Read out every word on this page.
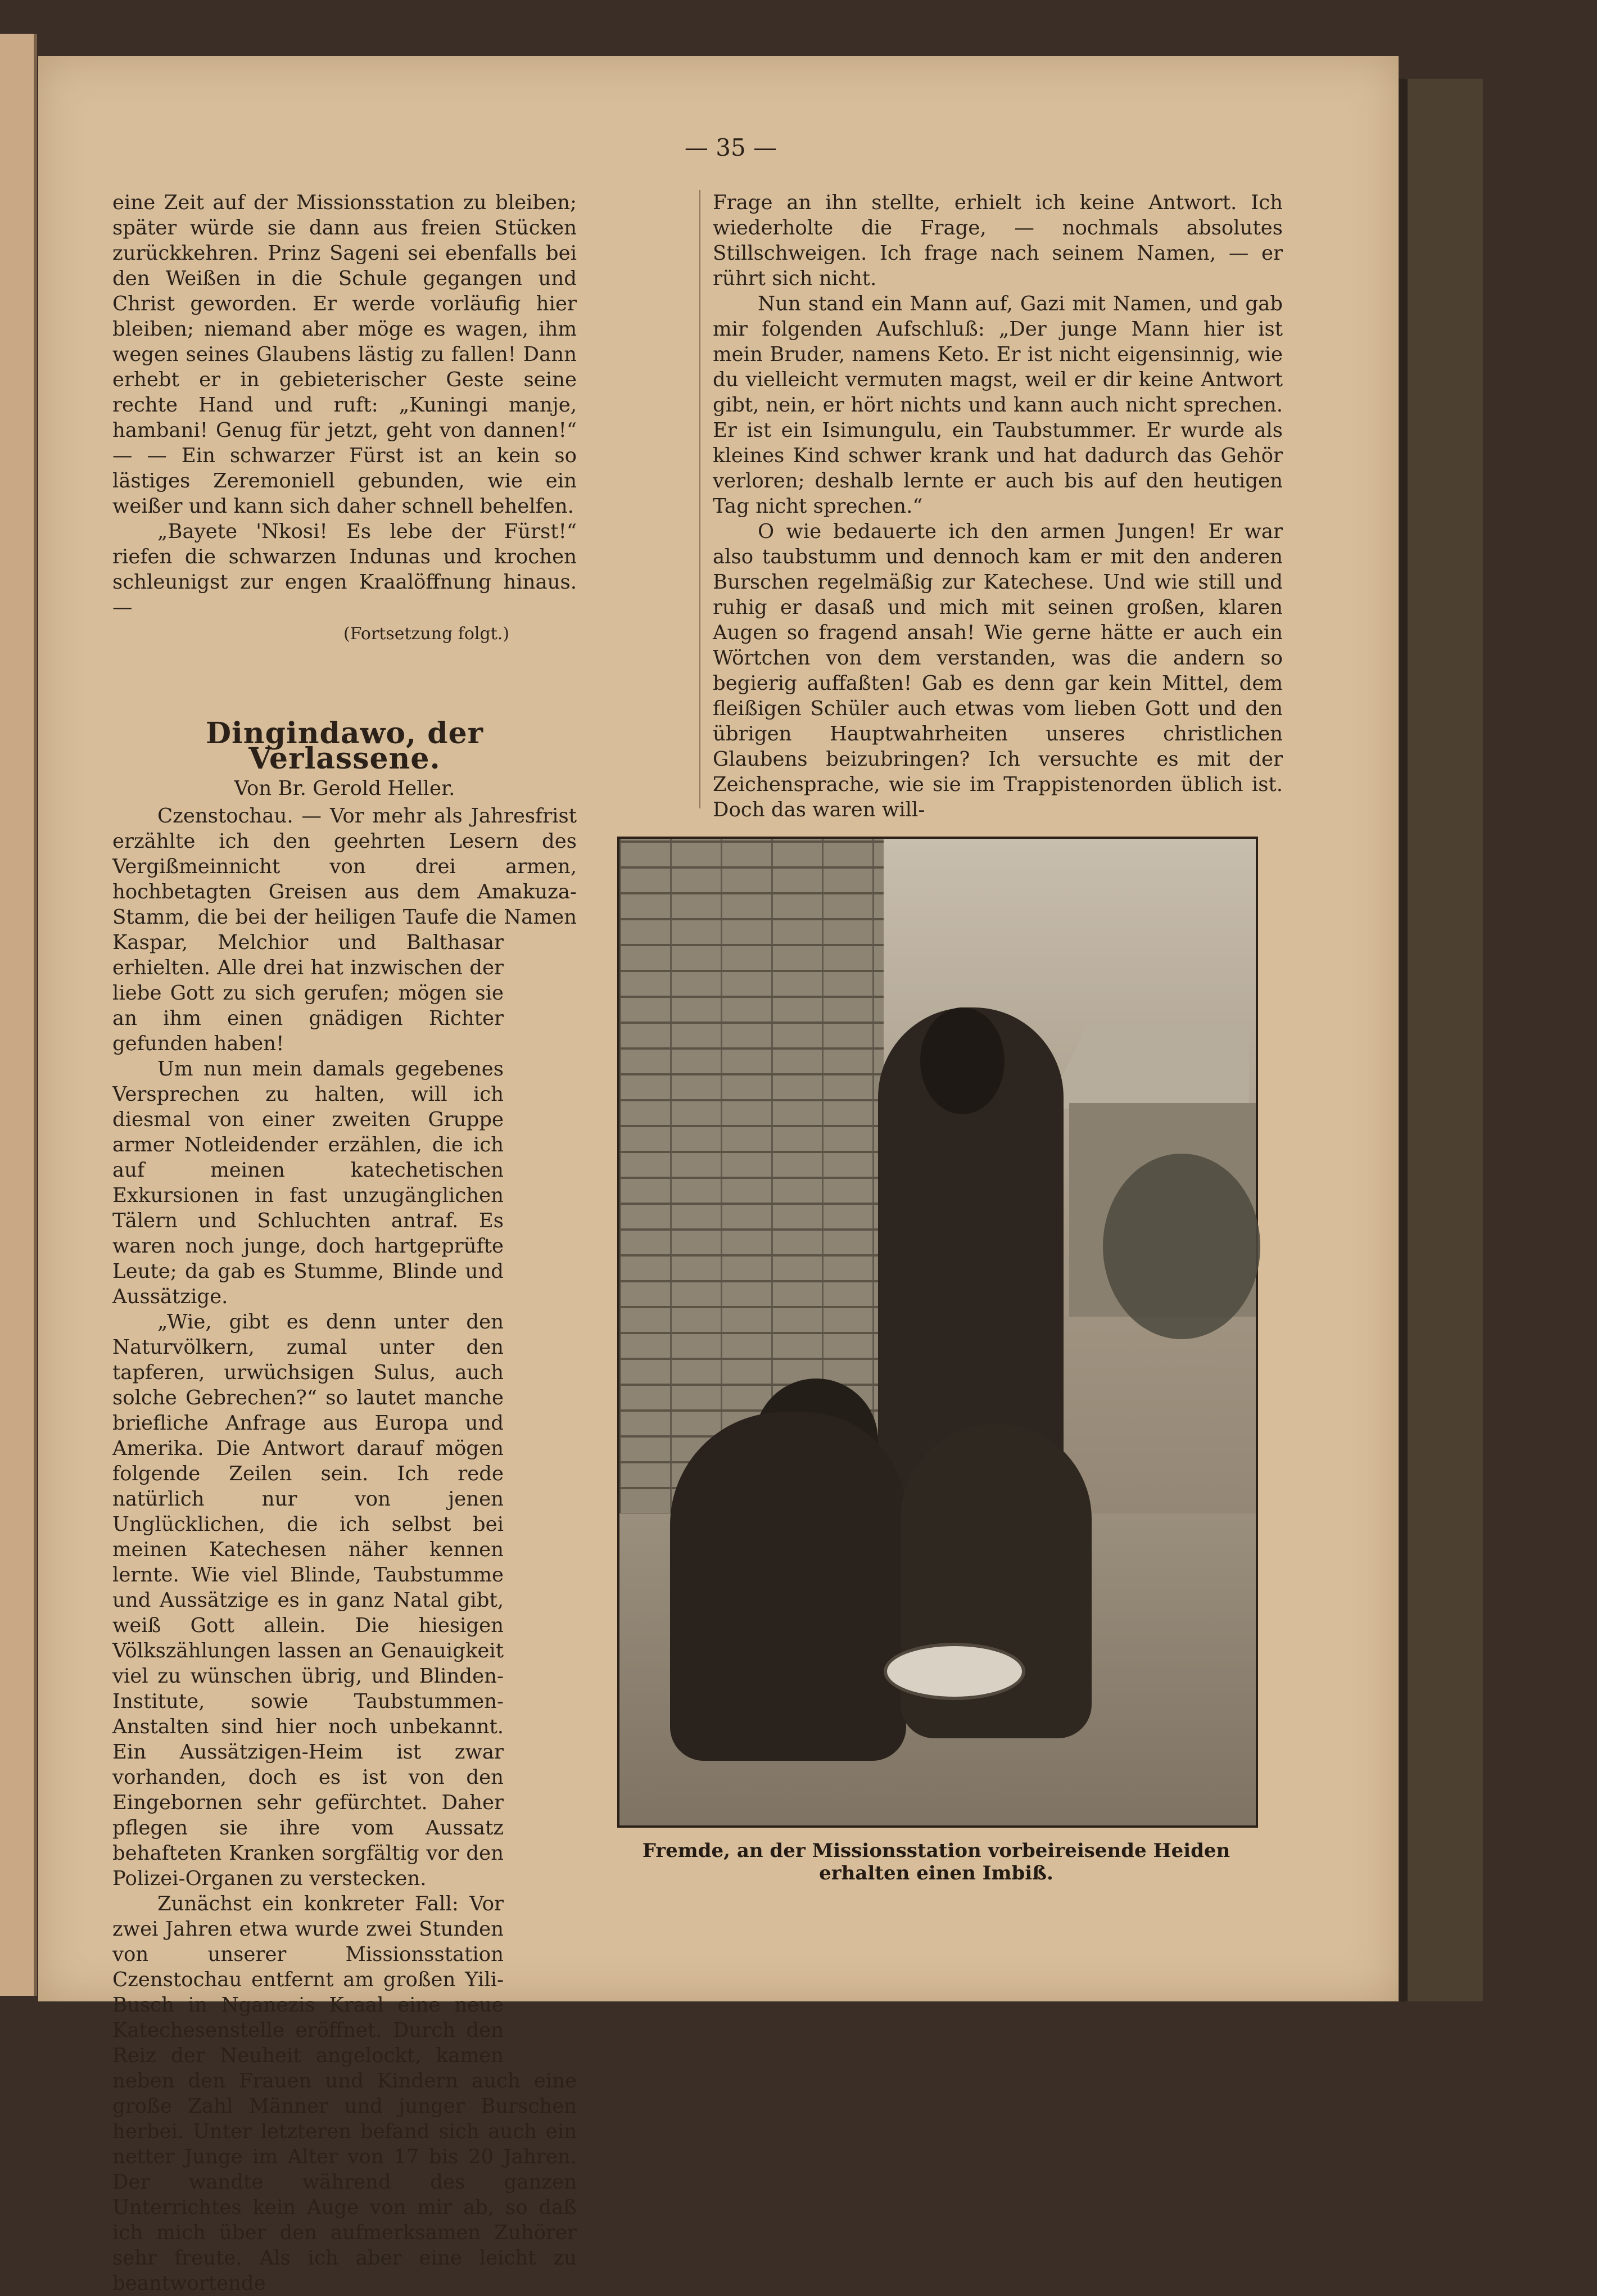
— 35 —

eine Zeit auf der Missionsstation zu bleiben; später würde sie dann aus freien Stücken zurückkehren. Prinz Sageni sei ebenfalls bei den Weißen in die Schule gegangen und Christ geworden. Er werde vorläufig hier bleiben; niemand aber möge es wagen, ihm wegen seines Glaubens lästig zu fallen! Dann erhebt er in gebieterischer Geste seine rechte Hand und ruft: „Kuningi manje, hambani! Genug für jetzt, geht von dannen!“ — — Ein schwarzer Fürst ist an kein so lästiges Zeremoniell gebunden, wie ein weißer und kann sich daher schnell behelfen.

„Bayete 'Nkosi! Es lebe der Fürst!“ riefen die schwarzen Indunas und krochen schleunigst zur engen Kraalöffnung hinaus. —

(Fortsetzung folgt.)
Dingindawo, der Verlassene.
Von Br. Gerold Heller.

Czenstochau. — Vor mehr als Jahresfrist erzählte ich den geehrten Lesern des Vergißmeinnicht von drei armen, hochbetagten Greisen aus dem Amakuza-Stamm, die bei der heiligen Taufe die Namen Kaspar, Melchior und Balthasar erhielten. Alle drei hat inzwischen der liebe Gott zu sich gerufen; mögen sie an ihm einen gnädigen Richter gefunden haben!

Um nun mein damals gegebenes Versprechen zu halten, will ich diesmal von einer zweiten Gruppe armer Notleidender erzählen, die ich auf meinen katechetischen Exkursionen in fast unzugänglichen Tälern und Schluchten antraf. Es waren noch junge, doch hartgeprüfte Leute; da gab es Stumme, Blinde und Aussätzige.

„Wie, gibt es denn unter den Naturvölkern, zumal unter den tapferen, urwüchsigen Sulus, auch solche Gebrechen?“ so lautet manche briefliche Anfrage aus Europa und Amerika. Die Antwort darauf mögen folgende Zeilen sein. Ich rede natürlich nur von jenen Unglücklichen, die ich selbst bei meinen Katechesen näher kennen lernte. Wie viel Blinde, Taubstumme und Aussätzige es in ganz Natal gibt, weiß Gott allein. Die hiesigen Völkszählungen lassen an Genauigkeit viel zu wünschen übrig, und Blinden-Institute, sowie Taubstummen-Anstalten sind hier noch unbekannt. Ein Aussätzigen-Heim ist zwar vorhanden, doch es ist von den Eingebornen sehr gefürchtet. Daher pflegen sie ihre vom Aussatz behafteten Kranken sorgfältig vor den Polizei-Organen zu verstecken.

Zunächst ein konkreter Fall: Vor zwei Jahren etwa wurde zwei Stunden von unserer Missionsstation Czenstochau entfernt am großen Yili-Busch in Nganezis Kraal eine neue Katechesenstelle eröffnet. Durch den Reiz der Neuheit angelockt, kamen neben den Frauen und Kindern auch eine große Zahl Männer und junger Burschen herbei. Unter letzteren befand sich auch ein netter Junge im Alter von 17 bis 20 Jahren. Der wandte während des ganzen Unterrichtes kein Auge von mir ab, so daß ich mich über den aufmerksamen Zuhörer sehr freute. Als ich aber eine leicht zu beantwortende

Frage an ihn stellte, erhielt ich keine Antwort. Ich wiederholte die Frage, — nochmals absolutes Stillschweigen. Ich frage nach seinem Namen, — er rührt sich nicht.

Nun stand ein Mann auf, Gazi mit Namen, und gab mir folgenden Aufschluß: „Der junge Mann hier ist mein Bruder, namens Keto. Er ist nicht eigensinnig, wie du vielleicht vermuten magst, weil er dir keine Antwort gibt, nein, er hört nichts und kann auch nicht sprechen. Er ist ein Isimungulu, ein Taubstummer. Er wurde als kleines Kind schwer krank und hat dadurch das Gehör verloren; deshalb lernte er auch bis auf den heutigen Tag nicht sprechen.“

O wie bedauerte ich den armen Jungen! Er war also taubstumm und dennoch kam er mit den anderen Burschen regelmäßig zur Katechese. Und wie still und ruhig er dasaß und mich mit seinen großen, klaren Augen so fragend ansah! Wie gerne hätte er auch ein Wörtchen von dem verstanden, was die andern so begierig auffaßten! Gab es denn gar kein Mittel, dem fleißigen Schüler auch etwas vom lieben Gott und den übrigen Hauptwahrheiten unseres christlichen Glaubens beizubringen? Ich versuchte es mit der Zeichensprache, wie sie im Trappistenorden üblich ist. Doch das waren will-

Fremde, an der Missionsstation vorbeireisende Heiden erhalten einen Imbiß.
